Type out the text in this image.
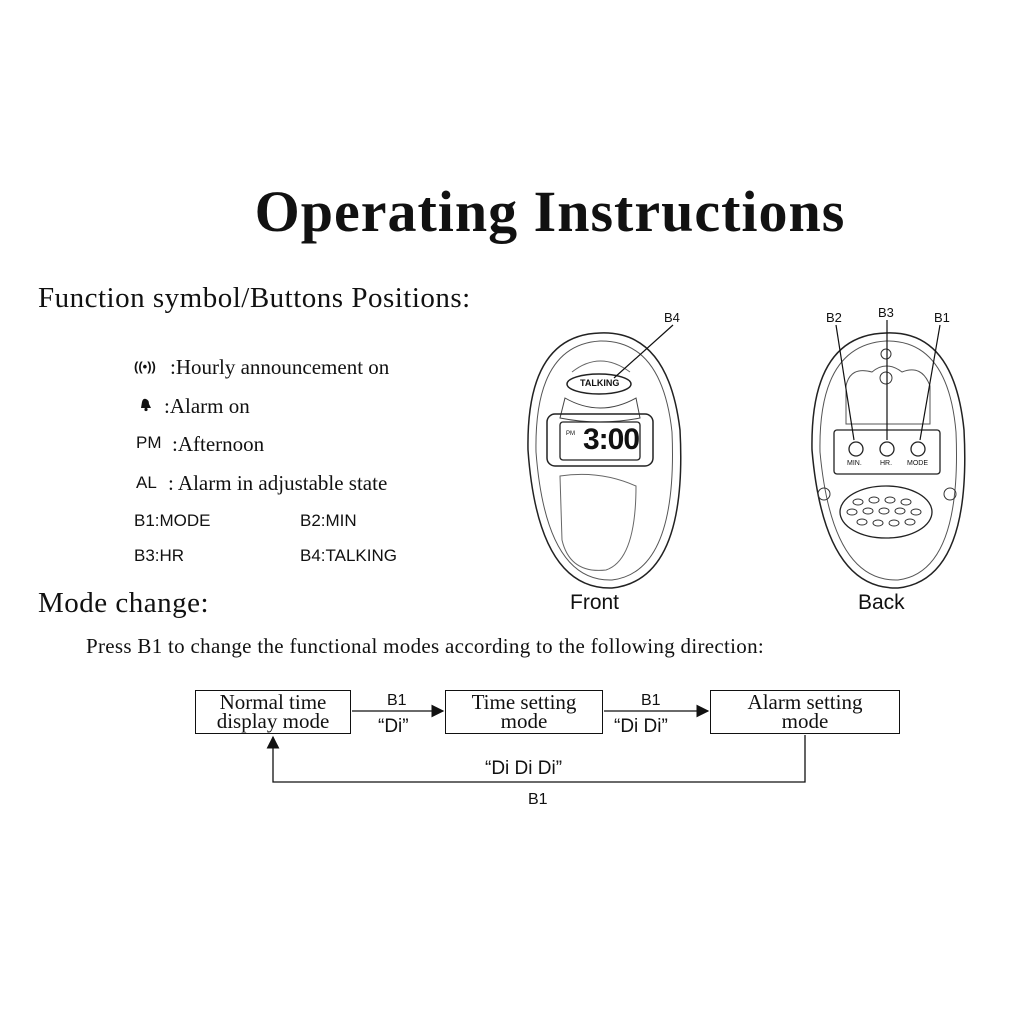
Operating Instructions
Function symbol/Buttons Positions:
((•)) :Hourly announcement on
:Alarm on
PM :Afternoon
AL : Alarm in adjustable state
B1:MODE	B2:MIN
B3:HR	B4:TALKING
TALKING
PM 3:00
B4
Front
B2	B3	B1
MIN.	HR. MODE
Back
Mode change:
Press B1 to change the functional modes according to the following direction:
Normal time
display mode
Time setting
mode
Alarm setting
mode
B1
“Di”
B1
“Di Di”
“Di Di Di”
B1
